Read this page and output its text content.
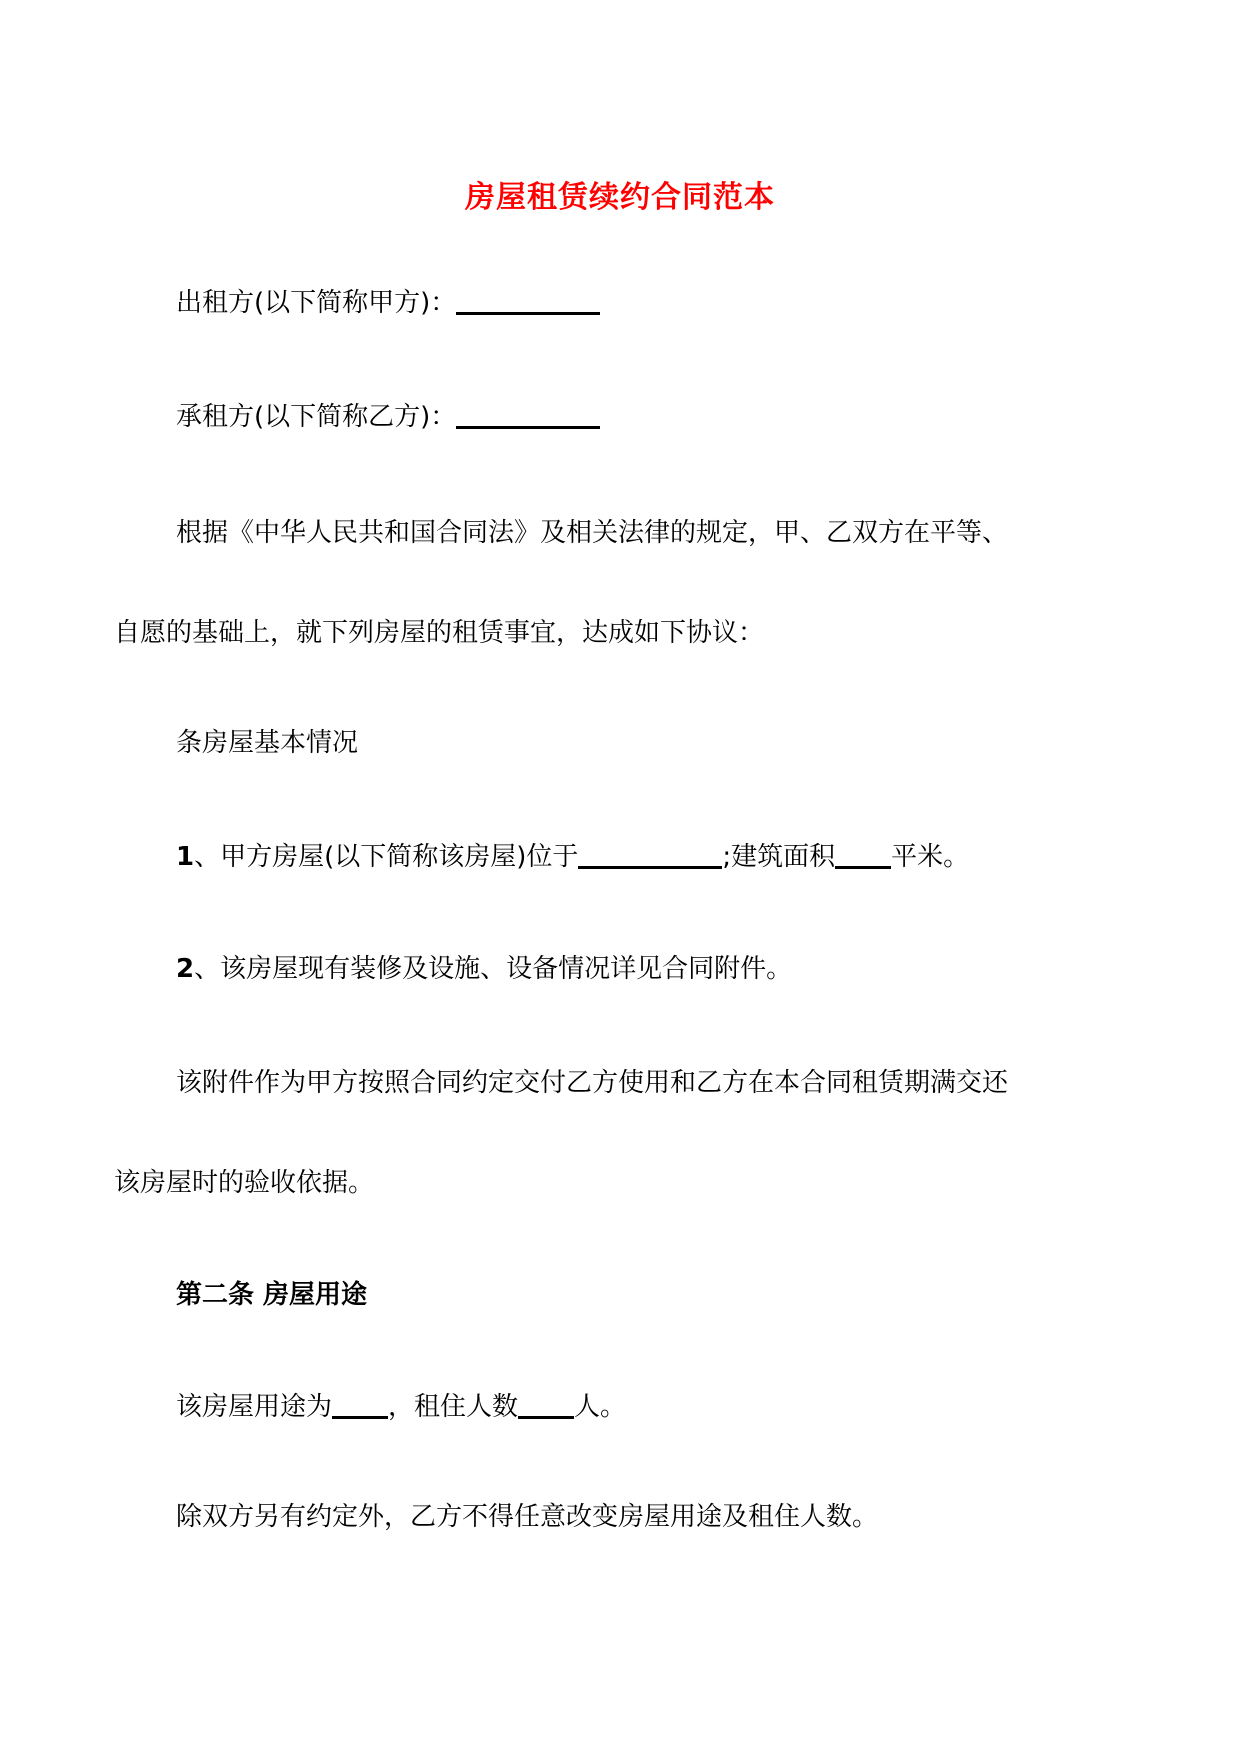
房屋租赁续约合同范本
出租方(以下简称甲方)：
承租方(以下简称乙方)：
根据《中华人民共和国合同法》及相关法律的规定，甲、乙双方在平等、
自愿的基础上，就下列房屋的租赁事宜，达成如下协议：
条房屋基本情况
1、甲方房屋(以下简称该房屋)位于	;建筑面积 平米。
2、该房屋现有装修及设施、设备情况详见合同附件。
该附件作为甲方按照合同约定交付乙方使用和乙方在本合同租赁期满交还
该房屋时的验收依据。
第二条 房屋用途
该房屋用途为 ，租住人数 人。
除双方另有约定外，乙方不得任意改变房屋用途及租住人数。
